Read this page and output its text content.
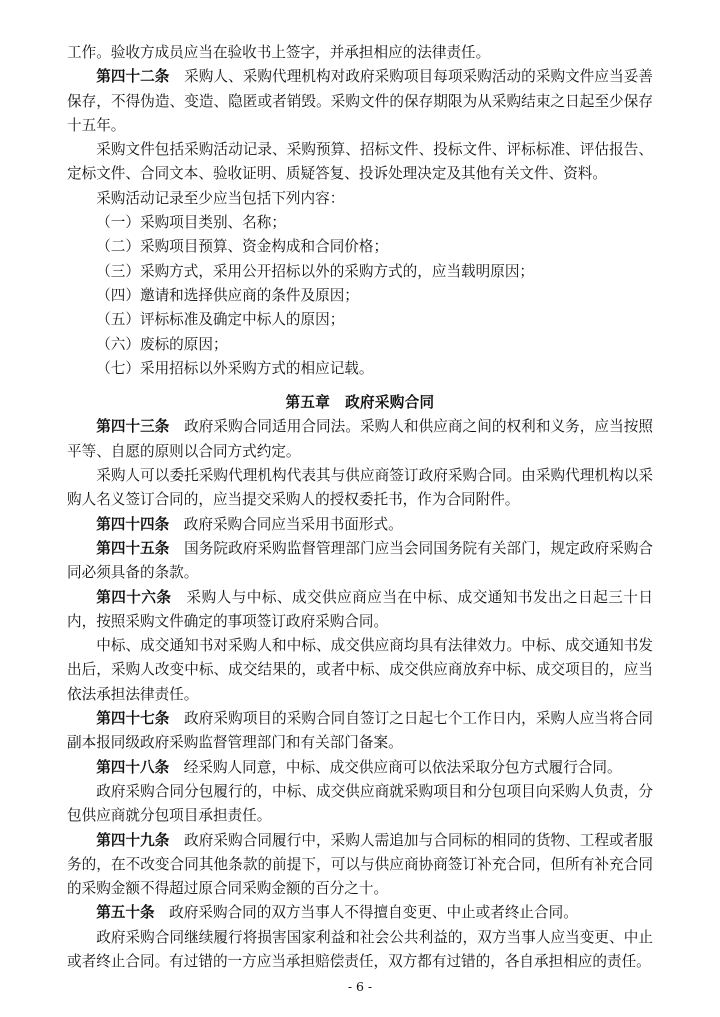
工作。验收方成员应当在验收书上签字，并承担相应的法律责任。

第四十二条　采购人、采购代理机构对政府采购项目每项采购活动的采购文件应当妥善保存，不得伪造、变造、隐匿或者销毁。采购文件的保存期限为从采购结束之日起至少保存十五年。

采购文件包括采购活动记录、采购预算、招标文件、投标文件、评标标准、评估报告、定标文件、合同文本、验收证明、质疑答复、投诉处理决定及其他有关文件、资料。

采购活动记录至少应当包括下列内容：

（一）采购项目类别、名称；

（二）采购项目预算、资金构成和合同价格；

（三）采购方式，采用公开招标以外的采购方式的，应当载明原因；

（四）邀请和选择供应商的条件及原因；

（五）评标标准及确定中标人的原因；

（六）废标的原因；

（七）采用招标以外采购方式的相应记载。

第五章　政府采购合同

第四十三条　政府采购合同适用合同法。采购人和供应商之间的权利和义务，应当按照平等、自愿的原则以合同方式约定。

采购人可以委托采购代理机构代表其与供应商签订政府采购合同。由采购代理机构以采购人名义签订合同的，应当提交采购人的授权委托书，作为合同附件。

第四十四条　政府采购合同应当采用书面形式。

第四十五条　国务院政府采购监督管理部门应当会同国务院有关部门，规定政府采购合同必须具备的条款。

第四十六条　采购人与中标、成交供应商应当在中标、成交通知书发出之日起三十日内，按照采购文件确定的事项签订政府采购合同。

中标、成交通知书对采购人和中标、成交供应商均具有法律效力。中标、成交通知书发出后，采购人改变中标、成交结果的，或者中标、成交供应商放弃中标、成交项目的，应当依法承担法律责任。

第四十七条　政府采购项目的采购合同自签订之日起七个工作日内，采购人应当将合同副本报同级政府采购监督管理部门和有关部门备案。

第四十八条　经采购人同意，中标、成交供应商可以依法采取分包方式履行合同。

政府采购合同分包履行的，中标、成交供应商就采购项目和分包项目向采购人负责，分包供应商就分包项目承担责任。

第四十九条　政府采购合同履行中，采购人需追加与合同标的相同的货物、工程或者服务的，在不改变合同其他条款的前提下，可以与供应商协商签订补充合同，但所有补充合同的采购金额不得超过原合同采购金额的百分之十。

第五十条　政府采购合同的双方当事人不得擅自变更、中止或者终止合同。

政府采购合同继续履行将损害国家利益和社会公共利益的，双方当事人应当变更、中止或者终止合同。有过错的一方应当承担赔偿责任，双方都有过错的，各自承担相应的责任。

- 6 -
